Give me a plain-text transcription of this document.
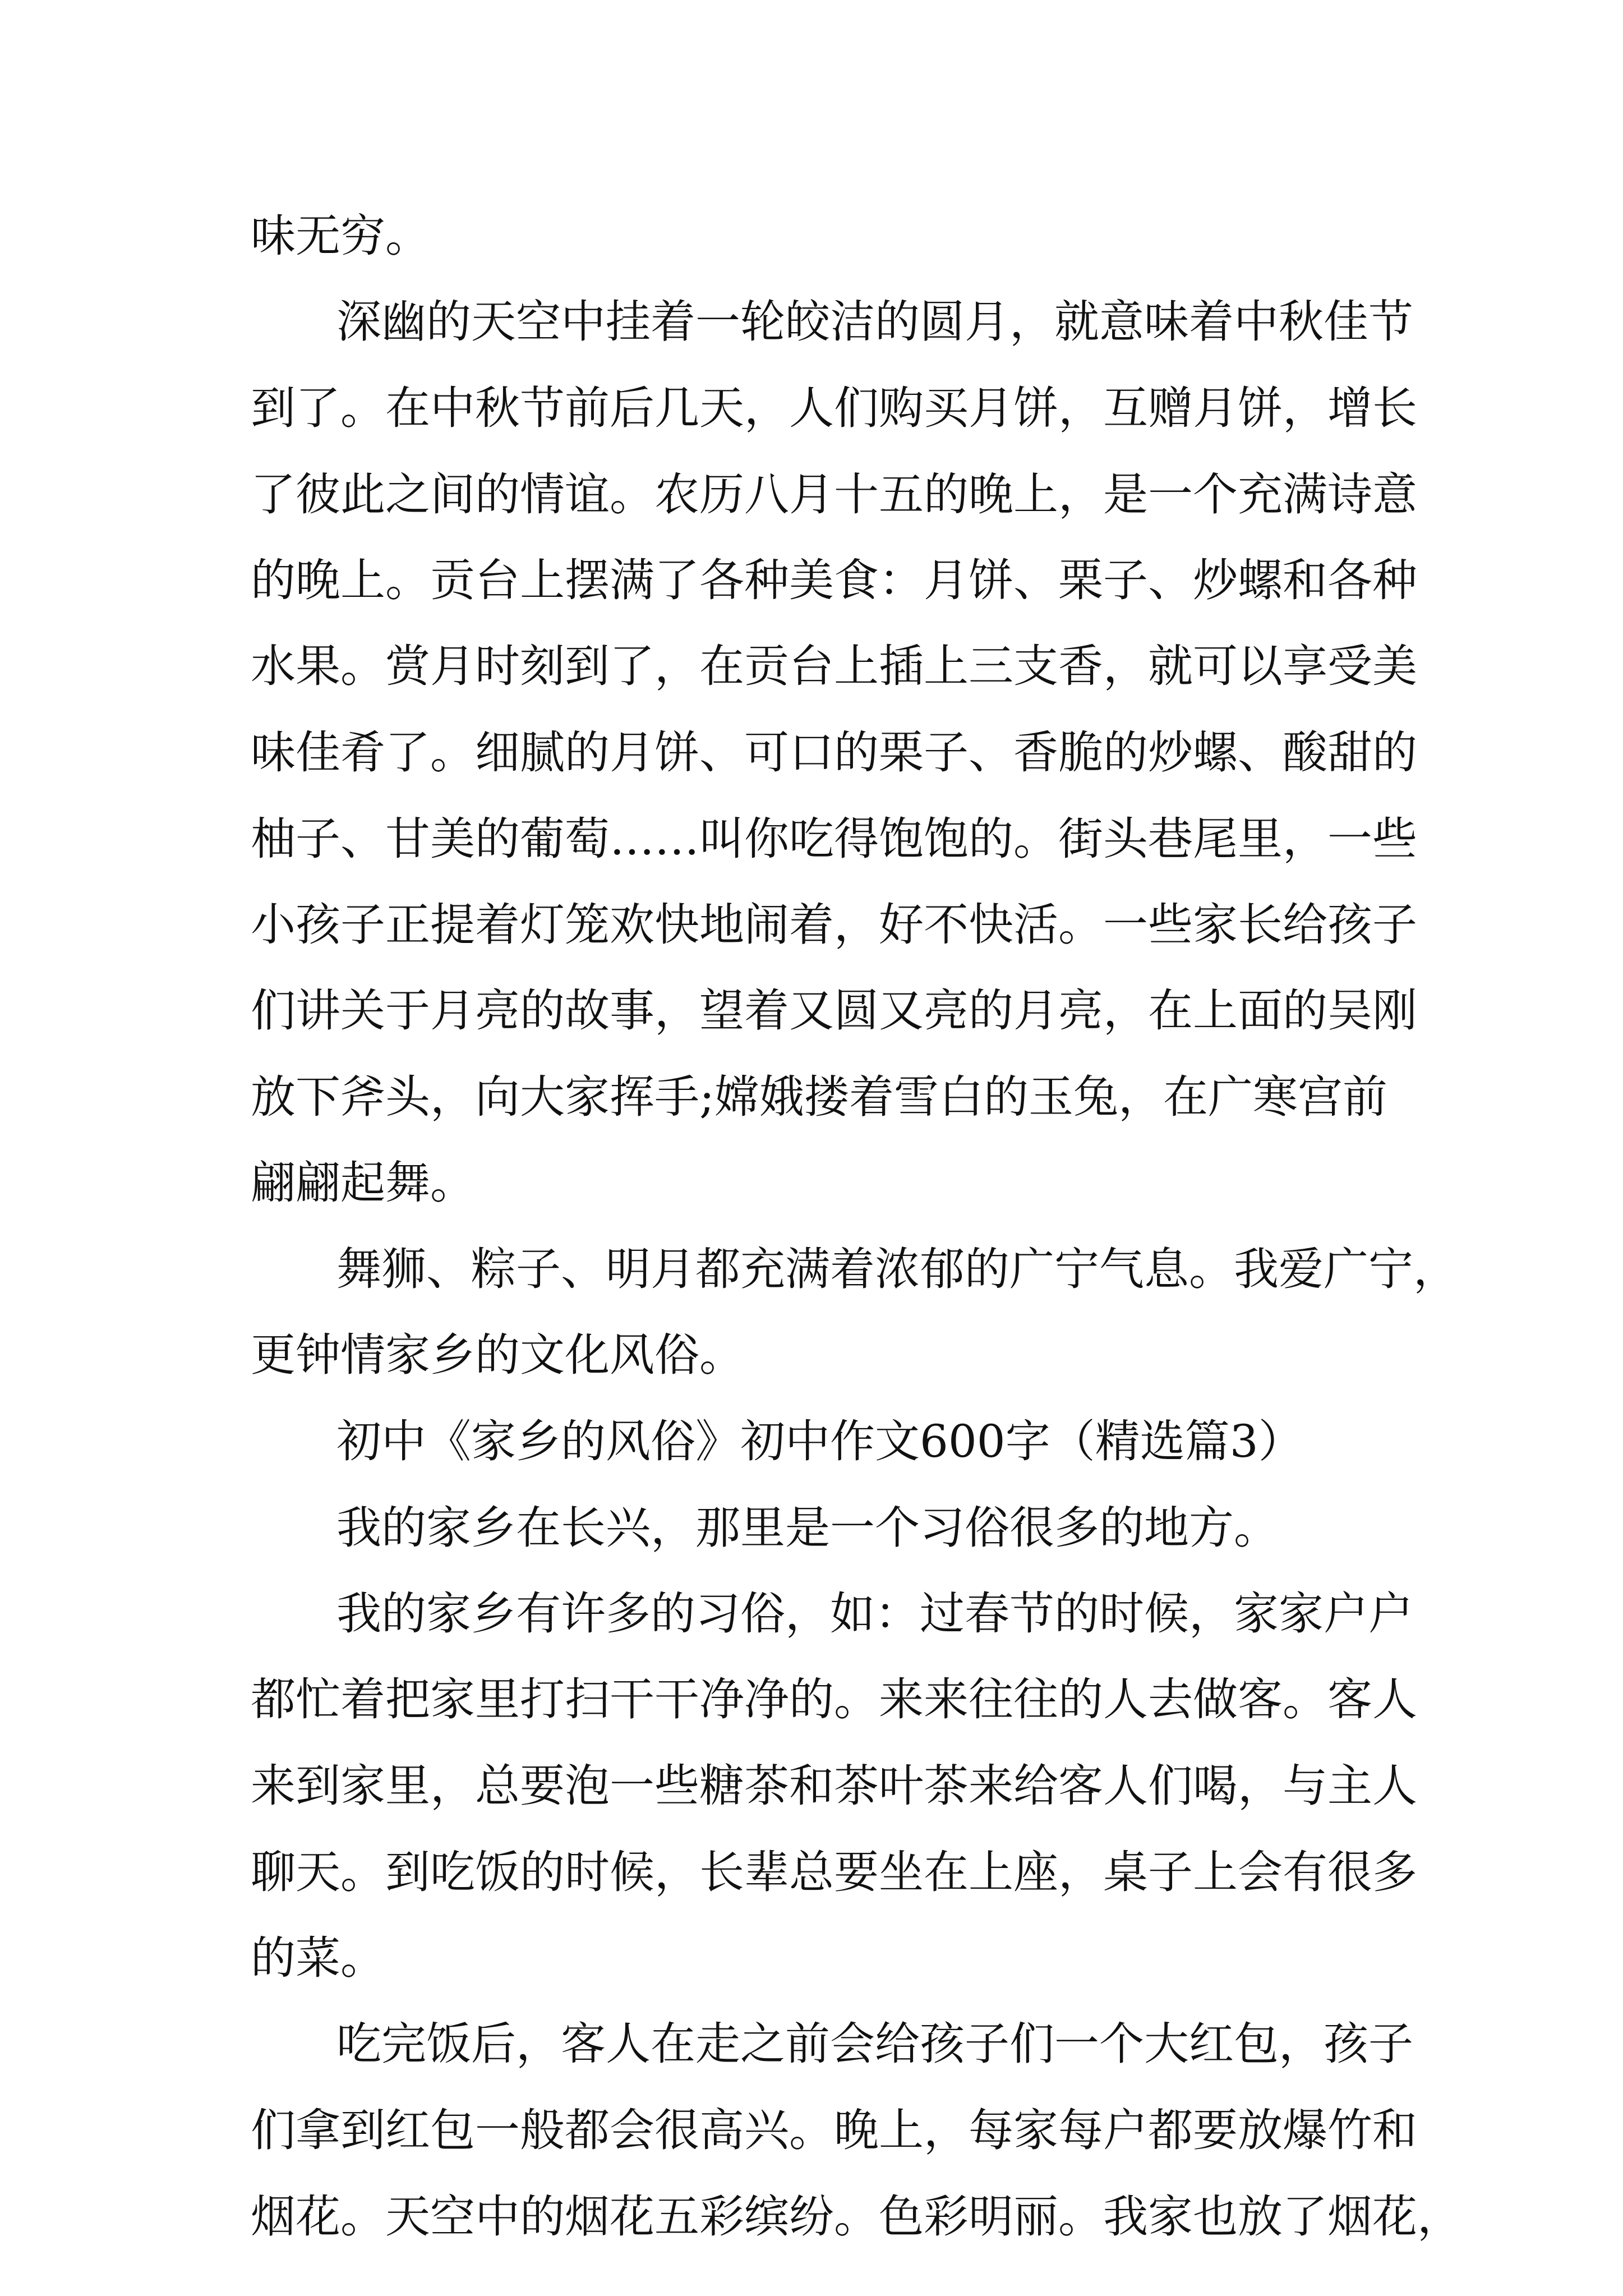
味无穷。

深幽的天空中挂着一轮皎洁的圆月，就意味着中秋佳节

到了。在中秋节前后几天，人们购买月饼，互赠月饼，增长

了彼此之间的情谊。农历八月十五的晚上，是一个充满诗意

的晚上。贡台上摆满了各种美食：月饼、栗子、炒螺和各种

水果。赏月时刻到了，在贡台上插上三支香，就可以享受美

味佳肴了。细腻的月饼、可口的栗子、香脆的炒螺、酸甜的

柚子、甘美的葡萄……叫你吃得饱饱的。街头巷尾里，一些

小孩子正提着灯笼欢快地闹着，好不快活。一些家长给孩子

们讲关于月亮的故事，望着又圆又亮的月亮，在上面的吴刚

放下斧头，向大家挥手;嫦娥搂着雪白的玉兔，在广寒宫前

翩翩起舞。

舞狮、粽子、明月都充满着浓郁的广宁气息。我爱广宁，

更钟情家乡的文化风俗。

初中《家乡的风俗》初中作文600字（精选篇3）

我的家乡在长兴，那里是一个习俗很多的地方。

我的家乡有许多的习俗，如：过春节的时候，家家户户

都忙着把家里打扫干干净净的。来来往往的人去做客。客人

来到家里，总要泡一些糖茶和茶叶茶来给客人们喝，与主人

聊天。到吃饭的时候，长辈总要坐在上座，桌子上会有很多

的菜。

吃完饭后，客人在走之前会给孩子们一个大红包，孩子

们拿到红包一般都会很高兴。晚上，每家每户都要放爆竹和

烟花。天空中的烟花五彩缤纷。色彩明丽。我家也放了烟花，
